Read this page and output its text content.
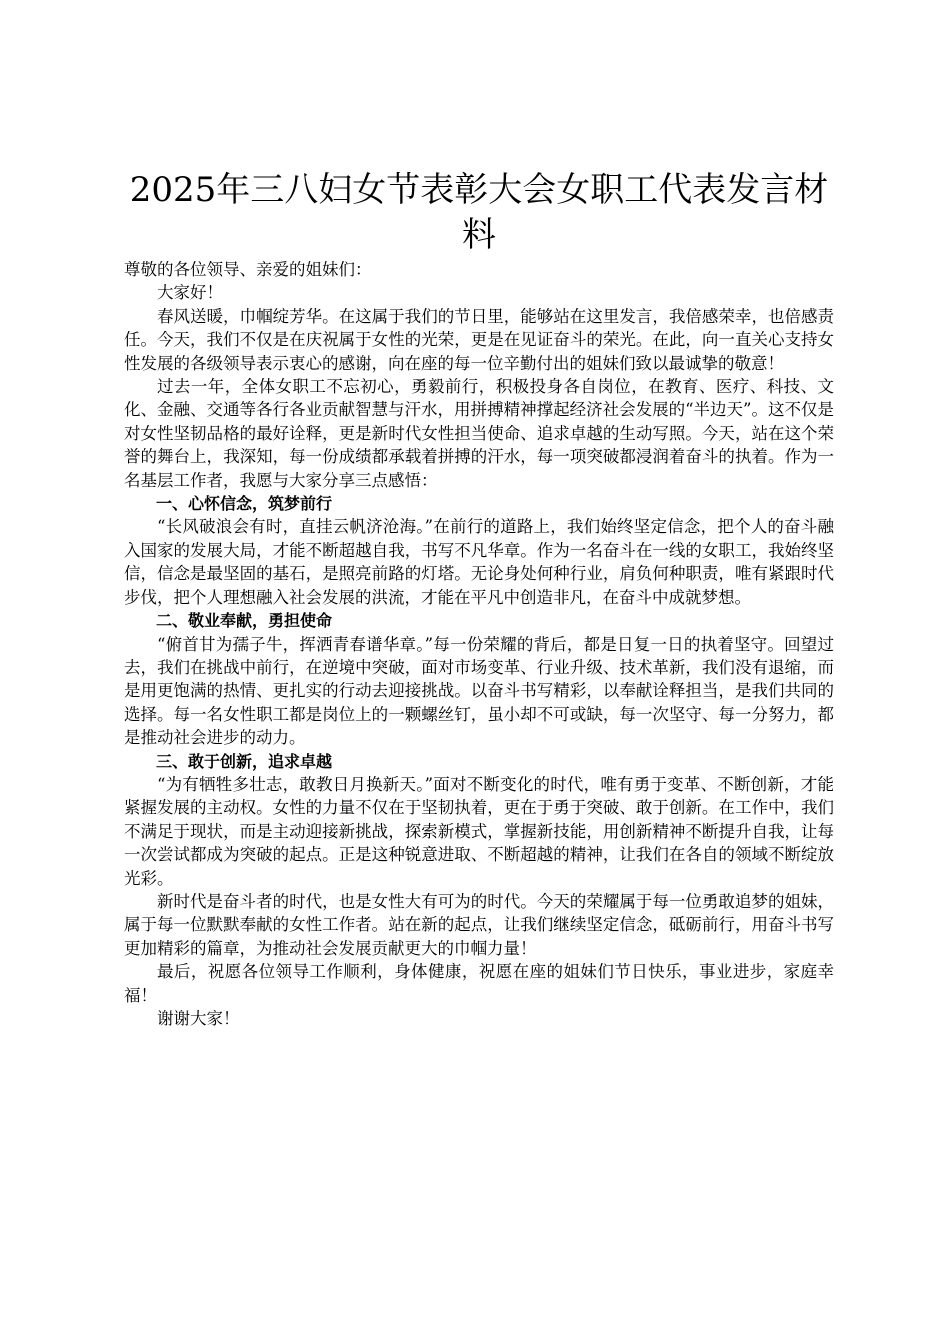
2025年三八妇女节表彰大会女职工代表发言材料

尊敬的各位领导、亲爱的姐妹们：

大家好！

春风送暖，巾帼绽芳华。在这属于我们的节日里，能够站在这里发言，我倍感荣幸，也倍感责任。今天，我们不仅是在庆祝属于女性的光荣，更是在见证奋斗的荣光。在此，向一直关心支持女性发展的各级领导表示衷心的感谢，向在座的每一位辛勤付出的姐妹们致以最诚挚的敬意！

过去一年，全体女职工不忘初心，勇毅前行，积极投身各自岗位，在教育、医疗、科技、文化、金融、交通等各行各业贡献智慧与汗水，用拼搏精神撑起经济社会发展的“半边天”。这不仅是对女性坚韧品格的最好诠释，更是新时代女性担当使命、追求卓越的生动写照。今天，站在这个荣誉的舞台上，我深知，每一份成绩都承载着拼搏的汗水，每一项突破都浸润着奋斗的执着。作为一名基层工作者，我愿与大家分享三点感悟：

一、心怀信念，筑梦前行

“长风破浪会有时，直挂云帆济沧海。”在前行的道路上，我们始终坚定信念，把个人的奋斗融入国家的发展大局，才能不断超越自我，书写不凡华章。作为一名奋斗在一线的女职工，我始终坚信，信念是最坚固的基石，是照亮前路的灯塔。无论身处何种行业，肩负何种职责，唯有紧跟时代步伐，把个人理想融入社会发展的洪流，才能在平凡中创造非凡，在奋斗中成就梦想。

二、敬业奉献，勇担使命

“俯首甘为孺子牛，挥洒青春谱华章。”每一份荣耀的背后，都是日复一日的执着坚守。回望过去，我们在挑战中前行，在逆境中突破，面对市场变革、行业升级、技术革新，我们没有退缩，而是用更饱满的热情、更扎实的行动去迎接挑战。以奋斗书写精彩，以奉献诠释担当，是我们共同的选择。每一名女性职工都是岗位上的一颗螺丝钉，虽小却不可或缺，每一次坚守、每一分努力，都是推动社会进步的动力。

三、敢于创新，追求卓越

“为有牺牲多壮志，敢教日月换新天。”面对不断变化的时代，唯有勇于变革、不断创新，才能紧握发展的主动权。女性的力量不仅在于坚韧执着，更在于勇于突破、敢于创新。在工作中，我们不满足于现状，而是主动迎接新挑战，探索新模式，掌握新技能，用创新精神不断提升自我，让每一次尝试都成为突破的起点。正是这种锐意进取、不断超越的精神，让我们在各自的领域不断绽放光彩。

新时代是奋斗者的时代，也是女性大有可为的时代。今天的荣耀属于每一位勇敢追梦的姐妹，属于每一位默默奉献的女性工作者。站在新的起点，让我们继续坚定信念，砥砺前行，用奋斗书写更加精彩的篇章，为推动社会发展贡献更大的巾帼力量！

最后，祝愿各位领导工作顺利，身体健康，祝愿在座的姐妹们节日快乐，事业进步，家庭幸福！

谢谢大家！
